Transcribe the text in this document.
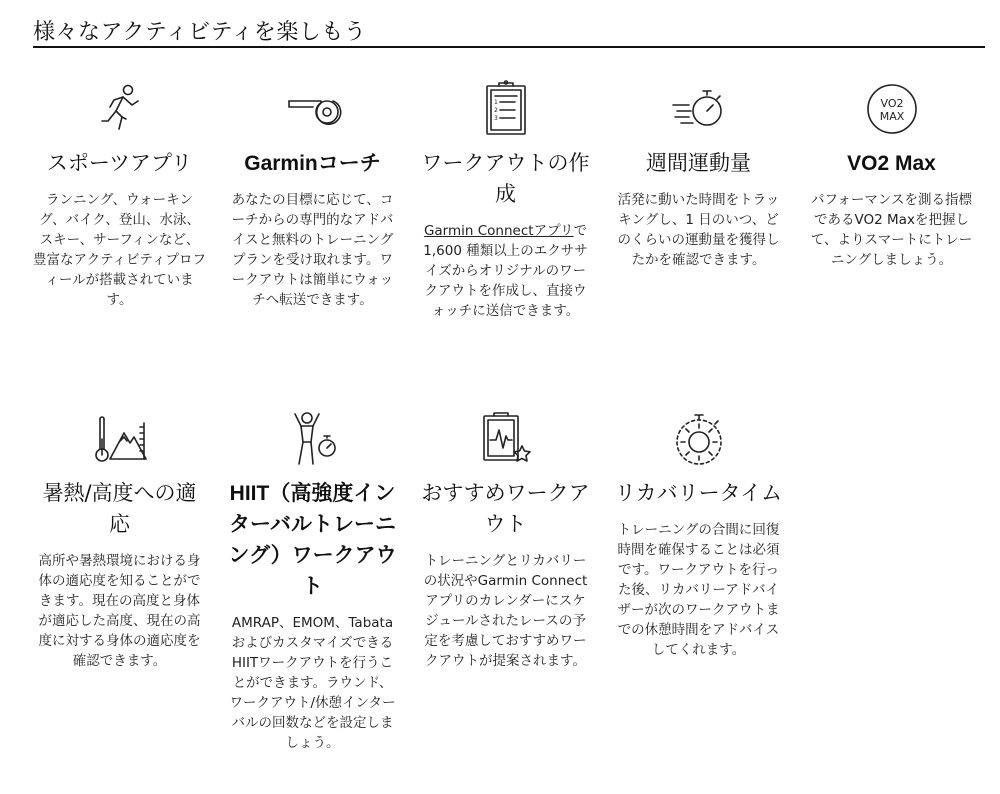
様々なアクティビティを楽しもう
スポーツアプリ

ランニング、ウォーキング、バイク、登山、水泳、スキー、サーフィンなど、豊富なアクティビティプロフィールが搭載されています。

Garminコーチ

あなたの目標に応じて、コーチからの専門的なアドバイスと無料のトレーニングプランを受け取れます。ワークアウトは簡単にウォッチへ転送できます。

1
2
3
ワークアウトの作成

Garmin Connectアプリで1,600 種類以上のエクササイズからオリジナルのワークアウトを作成し、直接ウォッチに送信できます。

週間運動量

活発に動いた時間をトラッキングし、1 日のいつ、どのくらいの運動量を獲得したかを確認できます。

VO2
MAX
VO2 Max

パフォーマンスを測る指標であるVO2 Maxを把握して、よりスマートにトレーニングしましょう。

暑熱/高度への適応

高所や暑熱環境における身体の適応度を知ることができます。現在の高度と身体が適応した高度、現在の高度に対する身体の適応度を確認できます。

HIIT（高強度インターバルトレーニング）ワークアウト

AMRAP、EMOM、TabataおよびカスタマイズできるHIITワークアウトを行うことができます。ラウンド、ワークアウト/休憩インターバルの回数などを設定しましょう。

おすすめワークアウト

トレーニングとリカバリーの状況やGarmin Connectアプリのカレンダーにスケジュールされたレースの予定を考慮しておすすめワークアウトが提案されます。

リカバリータイム

トレーニングの合間に回復時間を確保することは必須です。ワークアウトを行った後、リカバリーアドバイザーが次のワークアウトまでの休憩時間をアドバイスしてくれます。
